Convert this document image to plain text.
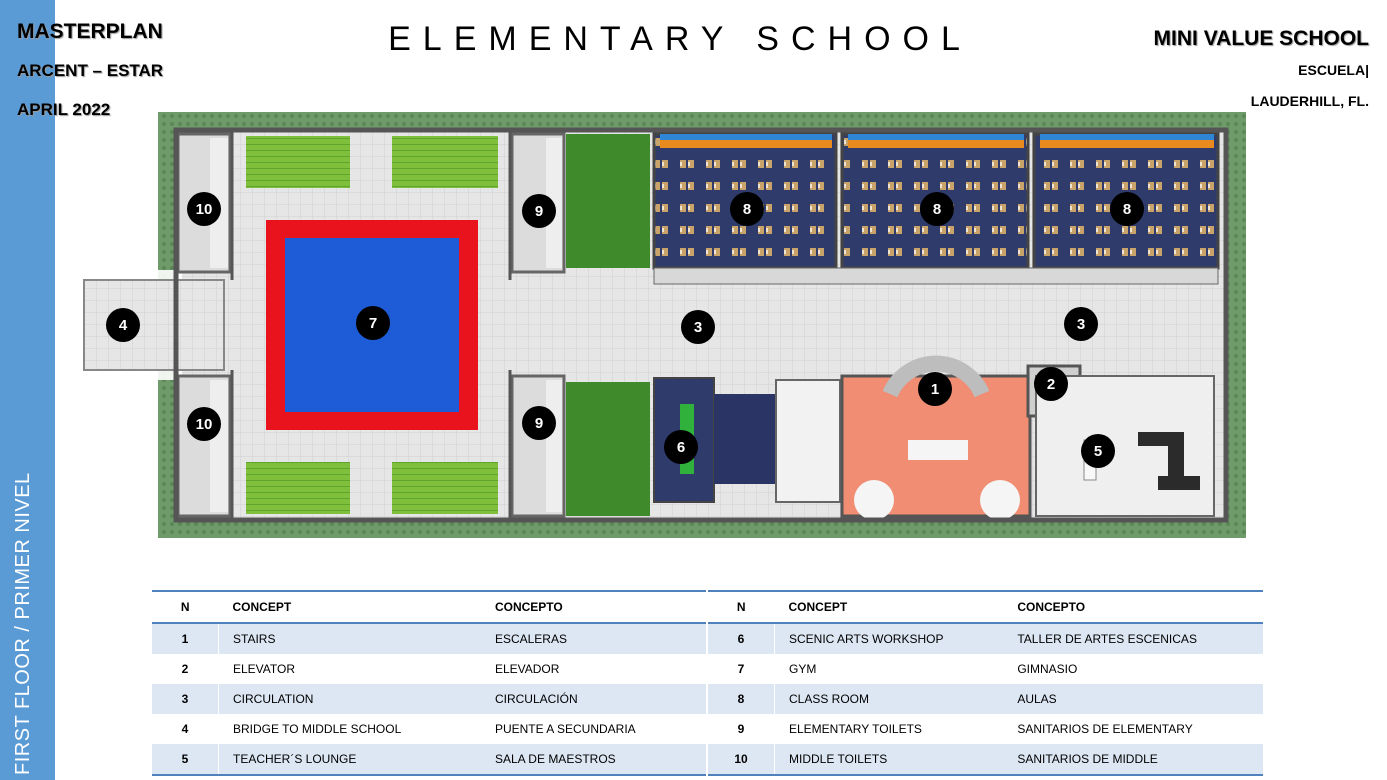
FIRST FLOOR / PRIMER NIVEL
MASTERPLAN
ARCENT – ESTAR
APRIL 2022
ELEMENTARY SCHOOL	MINI VALUE SCHOOL
ESCUELA|
LAUDERHILL, FL.
1	2
3	3
4
5
6
7
8	8	8
9
9
10
10
N	CONCEPT	CONCEPTO
1	STAIRS	ESCALERAS
2	ELEVATOR	ELEVADOR
3	CIRCULATION	CIRCULACIÓN
4	BRIDGE TO MIDDLE SCHOOL	PUENTE A SECUNDARIA
5	TEACHER´S LOUNGE	SALA DE MAESTROS
N	CONCEPT	CONCEPTO
6	SCENIC ARTS WORKSHOP	TALLER DE ARTES ESCENICAS
7	GYM	GIMNASIO
8	CLASS ROOM	AULAS
9	ELEMENTARY TOILETS	SANITARIOS DE ELEMENTARY
10	MIDDLE TOILETS	SANITARIOS DE MIDDLE
